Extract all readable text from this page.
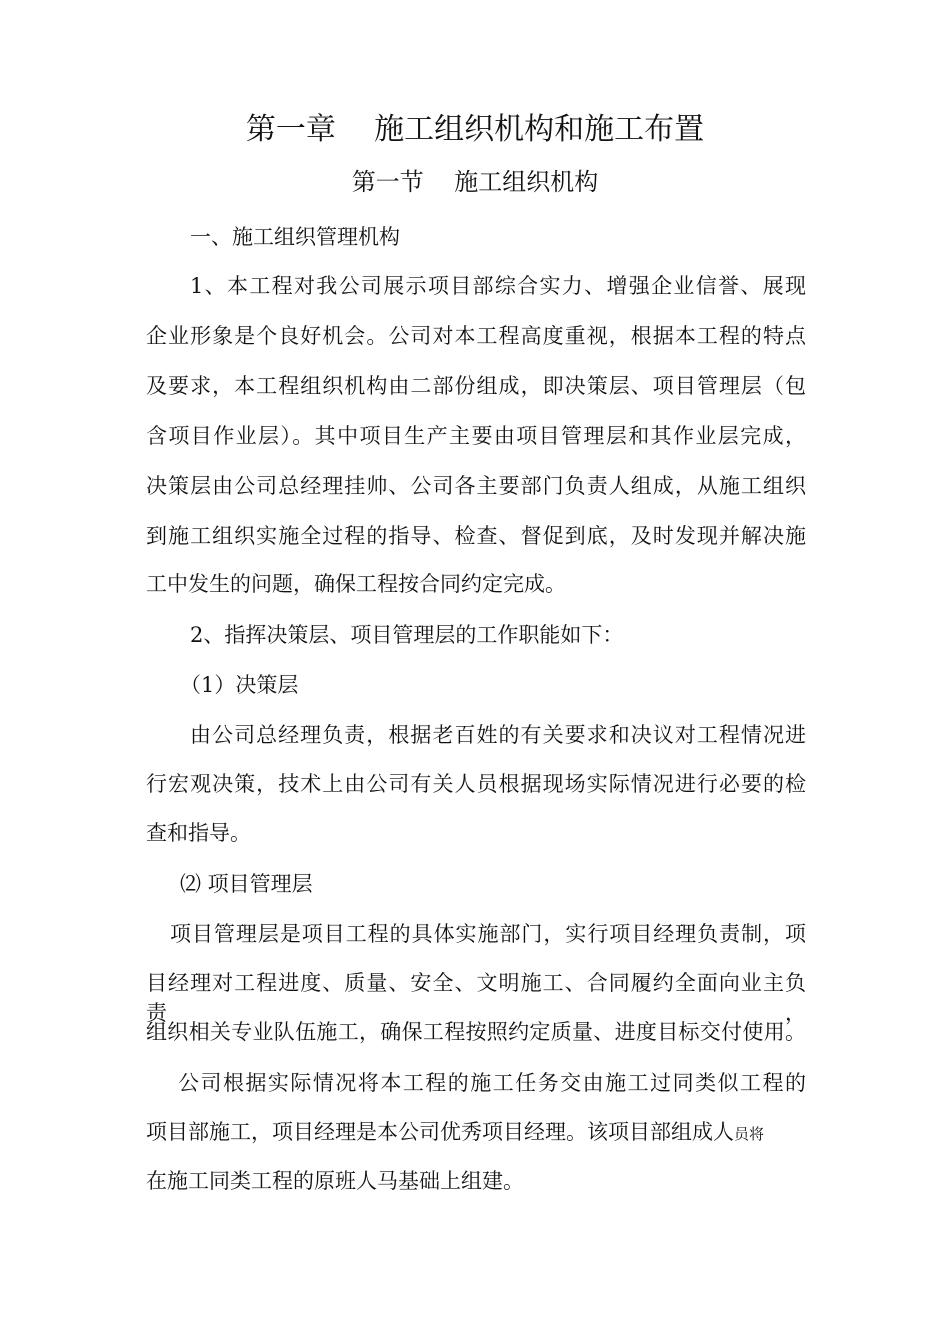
第一章    施工组织机构和施工布置
第一节    施工组织机构
一、施工组织管理机构
1、本工程对我公司展示项目部综合实力、增强企业信誉、展现
企业形象是个良好机会。公司对本工程高度重视，根据本工程的特点
及要求，本工程组织机构由二部份组成，即决策层、项目管理层（包
含项目作业层）。其中项目生产主要由项目管理层和其作业层完成，
决策层由公司总经理挂帅、公司各主要部门负责人组成，从施工组织
到施工组织实施全过程的指导、检查、督促到底，及时发现并解决施
工中发生的问题，确保工程按合同约定完成。
2、指挥决策层、项目管理层的工作职能如下：
（1）决策层
由公司总经理负责，根据老百姓的有关要求和决议对工程情况进
行宏观决策，技术上由公司有关人员根据现场实际情况进行必要的检
查和指导。
⑵ 项目管理层
项目管理层是项目工程的具体实施部门，实行项目经理负责制，项
目经理对工程进度、质量、安全、文明施工、合同履约全面向业主负责，
组织相关专业队伍施工，确保工程按照约定质量、进度目标交付使用。
公司根据实际情况将本工程的施工任务交由施工过同类似工程的
项目部施工，项目经理是本公司优秀项目经理。该项目部组成人员将
在施工同类工程的原班人马基础上组建。
